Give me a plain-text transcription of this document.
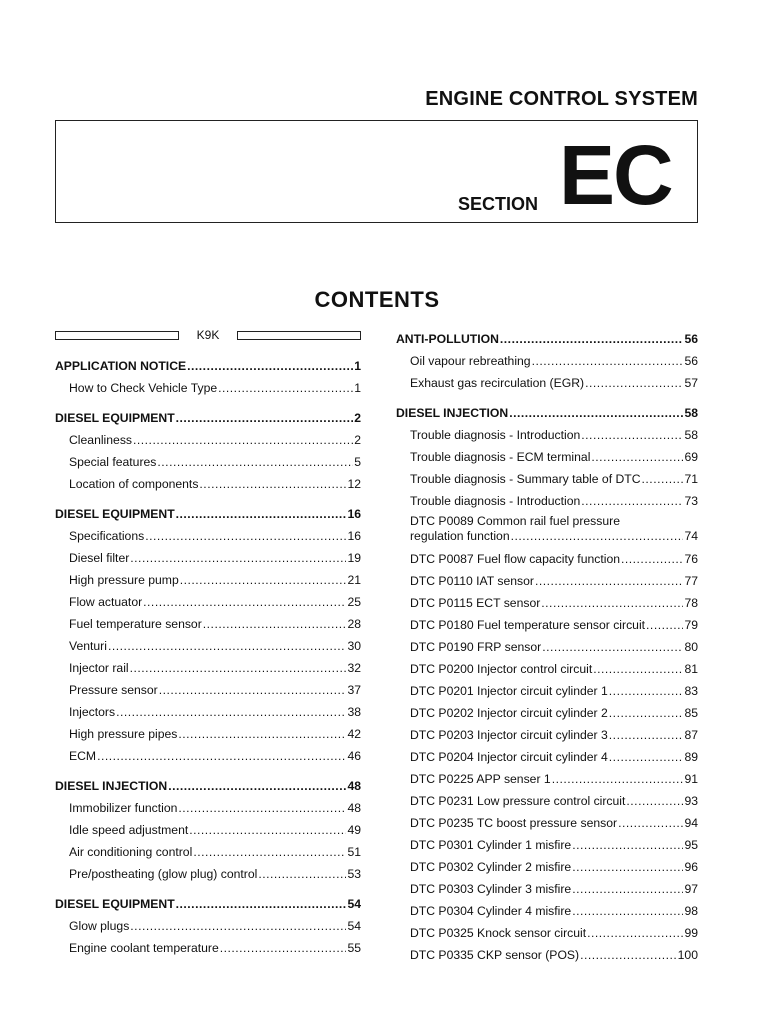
ENGINE CONTROL SYSTEM
SECTION EC
CONTENTS
K9K
APPLICATION NOTICE .....	1
How to Check Vehicle Type .....	1
DIESEL EQUIPMENT .....	2
Cleanliness .....	2
Special features .....	5
Location of components .....	12
DIESEL EQUIPMENT .....	16
Specifications .....	16
Diesel filter .....	19
High pressure pump .....	21
Flow actuator .....	25
Fuel temperature sensor .....	28
Venturi .....	30
Injector rail .....	32
Pressure sensor .....	37
Injectors .....	38
High pressure pipes .....	42
ECM .....	46
DIESEL INJECTION .....	48
Immobilizer function .....	48
Idle speed adjustment .....	49
Air conditioning control .....	51
Pre/postheating (glow plug) control .....	53
DIESEL EQUIPMENT .....	54
Glow plugs .....	54
Engine coolant temperature .....	55
ANTI-POLLUTION .....	56
Oil vapour rebreathing .....	56
Exhaust gas recirculation (EGR) .....	57
DIESEL INJECTION .....	58
Trouble diagnosis - Introduction .....	58
Trouble diagnosis - ECM terminal .....	69
Trouble diagnosis - Summary table of DTC .....	71
Trouble diagnosis - Introduction .....	73
DTC P0089 Common rail fuel pressure
regulation function .....	74
DTC P0087 Fuel flow capacity function .....	76
DTC P0110 IAT sensor .....	77
DTC P0115 ECT sensor .....	78
DTC P0180 Fuel temperature sensor circuit .....	79
DTC P0190 FRP sensor .....	80
DTC P0200 Injector control circuit .....	81
DTC P0201 Injector circuit cylinder 1 .....	83
DTC P0202 Injector circuit cylinder 2 .....	85
DTC P0203 Injector circuit cylinder 3 .....	87
DTC P0204 Injector circuit cylinder 4 .....	89
DTC P0225 APP senser 1 .....	91
DTC P0231 Low pressure control circuit .....	93
DTC P0235 TC boost pressure sensor .....	94
DTC P0301 Cylinder 1 misfire .....	95
DTC P0302 Cylinder 2 misfire .....	96
DTC P0303 Cylinder 3 misfire .....	97
DTC P0304 Cylinder 4 misfire .....	98
DTC P0325 Knock sensor circuit .....	99
DTC P0335 CKP sensor (POS) .....	100
